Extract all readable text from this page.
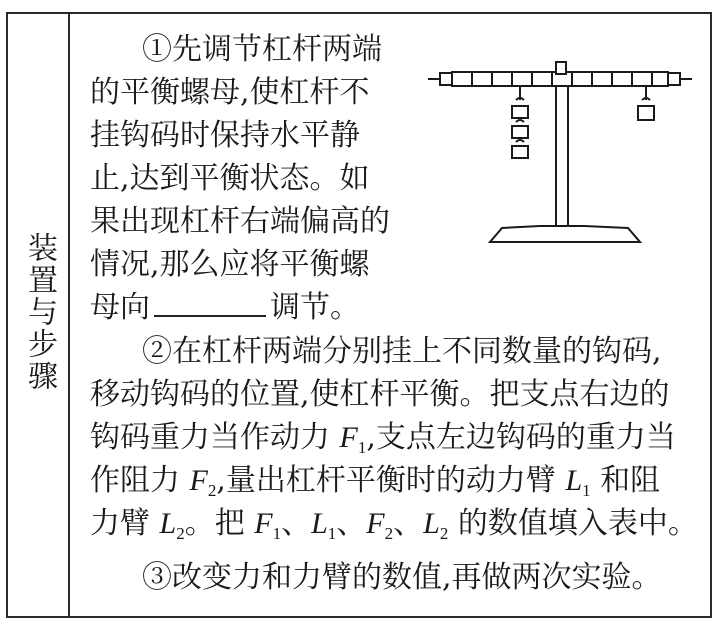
装置与步骤
①先调节杠杆两端
的平衡螺母,使杠杆不
挂钩码时保持水平静
止,达到平衡状态。如
果出现杠杆右端偏高的
情况,那么应将平衡螺
母向	调节。
②在杠杆两端分别挂上不同数量的钩码,
移动钩码的位置,使杠杆平衡。把支点右边的
钩码重力当作动力 $F_1$,支点左边钩码的重力当
作阻力 $F_2$,量出杠杆平衡时的动力臂 $L_1$ 和阻
力臂 $L_2$。把 $F_1$、$L_1$、$F_2$、$L_2$ 的数值填入表中。
③改变力和力臂的数值,再做两次实验。
